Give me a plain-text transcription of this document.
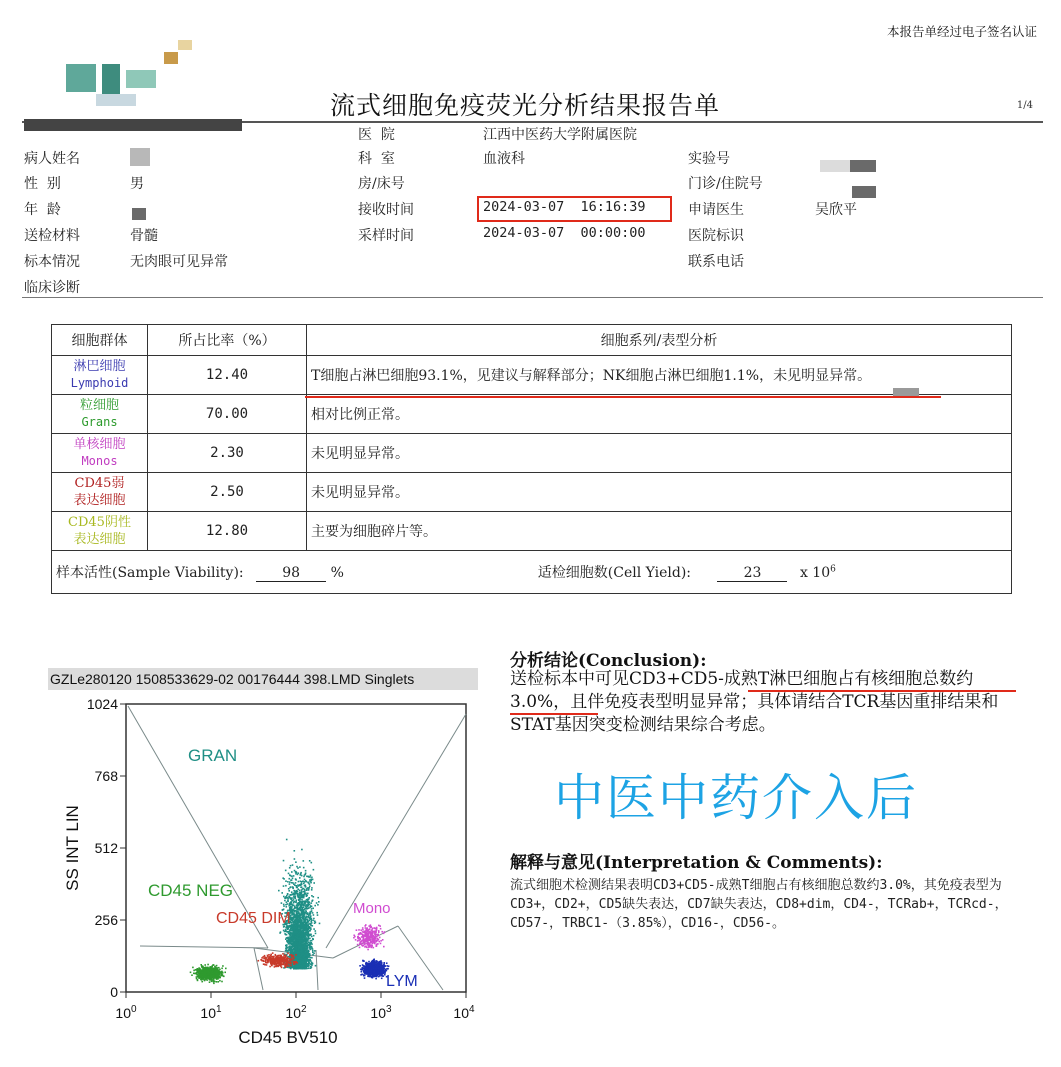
本报告单经过电子签名认证
流式细胞免疫荧光分析结果报告单	1/4
病人姓名
性  别	男
年  龄
送检材料	骨髓
标本情况	无肉眼可见异常
临床诊断
医  院	江西中医药大学附属医院
科  室	血液科
房/床号
接收时间	2024-03-07  16:16:39
采样时间	2024-03-07  00:00:00
实验号
门诊/住院号
申请医生	吴欣平
医院标识
联系电话
细胞群体	所占比率（%）	细胞系列/表型分析
淋巴细胞
Lymphoid	12.40	T细胞占淋巴细胞93.1%，见建议与解释部分；NK细胞占淋巴细胞1.1%，未见明显异常。
粒细胞
Grans	70.00	相对比例正常。
单核细胞
Monos	2.30	未见明显异常。
CD45弱
表达细胞	2.50	未见明显异常。
CD45阴性
表达细胞	12.80	主要为细胞碎片等。
样本活性(Sample Viability): 98 % 适检细胞数(Cell Yield): 23 x $10^6$
GZLe280120 1508533629-02 00176444 398.LMD Singlets
GRAN
CD45 NEG
CD45 DIM
Mono
LYM
1024
768
512
256
0
$10^0$	$10^1$	$10^2$	$10^3$	$10^4$
CD45 BV510
SS INT LIN
分析结论(Conclusion):
送检标本中可见CD3+CD5-成熟T淋巴细胞占有核细胞总数约3.0%，且伴免疫表型明显异常；具体请结合TCR基因重排结果和STAT基因突变检测结果综合考虑。
中医中药介入后
解释与意见(Interpretation & Comments):
流式细胞术检测结果表明CD3+CD5-成熟T细胞占有核细胞总数约3.0%，其免疫表型为CD3+，CD2+，CD5缺失表达，CD7缺失表达，CD8+dim，CD4-，TCRab+，TCRcd-，CD57-，TRBC1-（3.85%），CD16-，CD56-。
